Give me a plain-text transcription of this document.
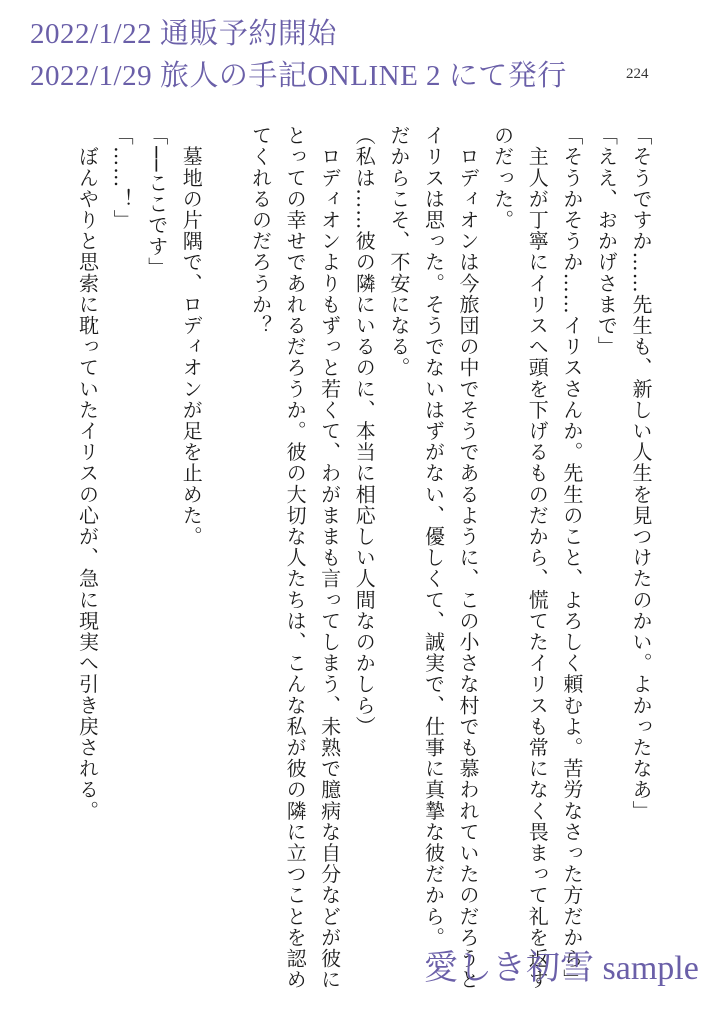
2022/1/22 通販予約開始
2022/1/29 旅人の手記ONLINE 2 にて発行	224
「そうですか……先生も、新しい人生を見つけたのかい。よかったなあ」
「ええ、おかげさまで」
「そうかそうか……イリスさんか。先生のこと、よろしく頼むよ。苦労なさった方だから」
　主人が丁寧にイリスへ頭を下げるものだから、慌てたイリスも常になく畏まって礼を返す
のだった。
　ロディオンは今旅団の中でそうであるように、この小さな村でも慕われていたのだろうと
イリスは思った。そうでないはずがない、優しくて、誠実で、仕事に真摯な彼だから。
だからこそ、不安になる。
（私は……彼の隣にいるのに、本当に相応しい人間なのかしら）
　ロディオンよりもずっと若くて、わがままも言ってしまう、未熟で臆病な自分などが彼に
とっての幸せであれるだろうか。彼の大切な人たちは、こんな私が彼の隣に立つことを認め
てくれるのだろうか？

　墓地の片隅で、ロディオンが足を止めた。
「──ここです」
「……！」
　ぼんやりと思索に耽っていたイリスの心が、急に現実へ引き戻される。
愛しき初雪 sample
